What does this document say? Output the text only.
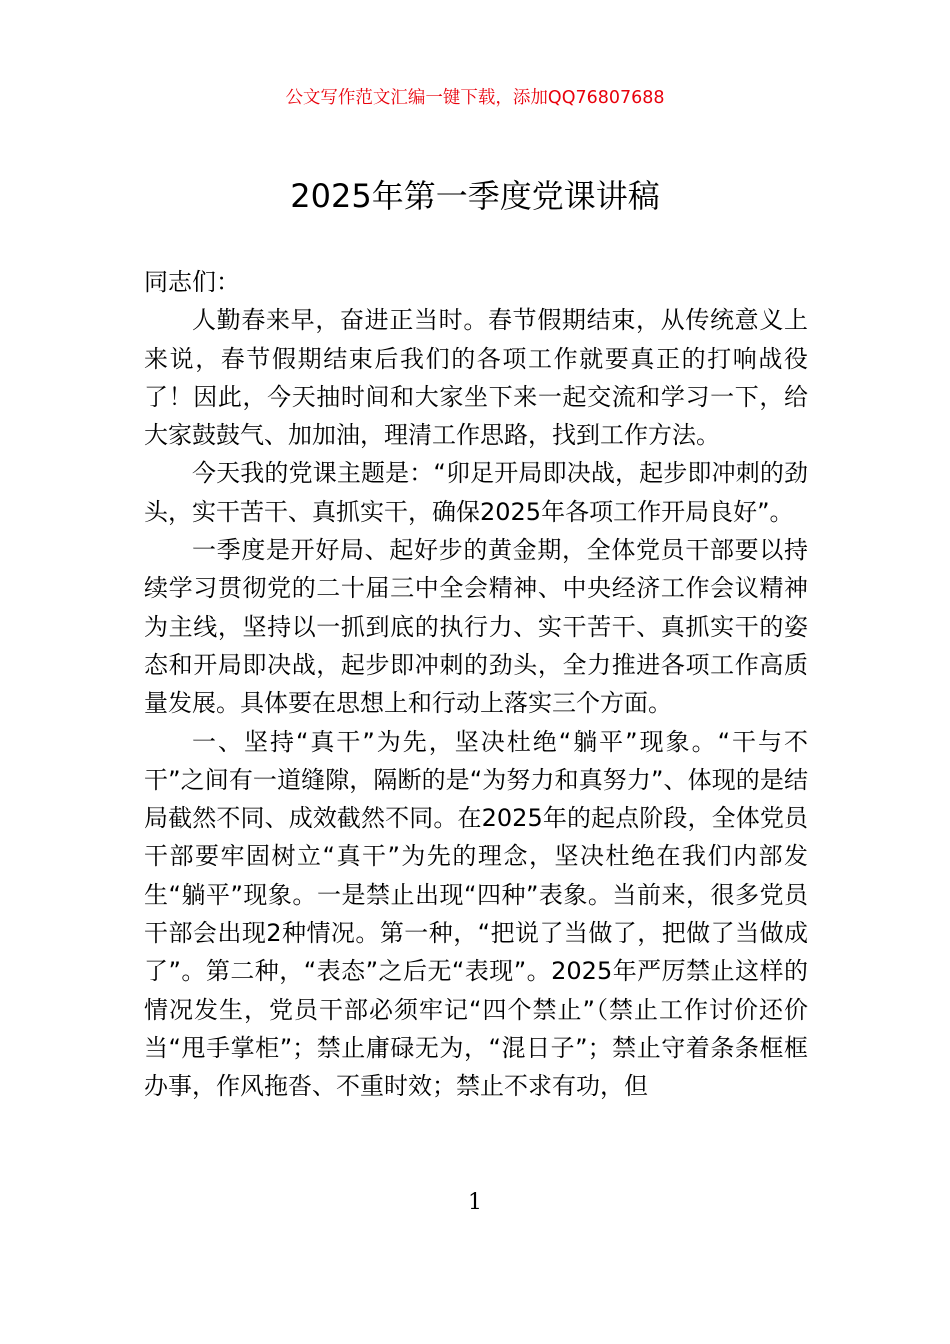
公文写作范文汇编一键下载，添加QQ76807688
2025年第一季度党课讲稿

同志们：

人勤春来早，奋进正当时。春节假期结束，从传统意义上来说，春节假期结束后我们的各项工作就要真正的打响战役了！因此，今天抽时间和大家坐下来一起交流和学习一下，给大家鼓鼓气、加加油，理清工作思路，找到工作方法。

今天我的党课主题是：“卯足开局即决战，起步即冲刺的劲头，实干苦干、真抓实干，确保2025年各项工作开局良好”。

一季度是开好局、起好步的黄金期，全体党员干部要以持续学习贯彻党的二十届三中全会精神、中央经济工作会议精神为主线，坚持以一抓到底的执行力、实干苦干、真抓实干的姿态和开局即决战，起步即冲刺的劲头，全力推进各项工作高质量发展。具体要在思想上和行动上落实三个方面。

一、坚持“真干”为先，坚决杜绝“躺平”现象。“干与不干”之间有一道缝隙，隔断的是“为努力和真努力”、体现的是结局截然不同、成效截然不同。在2025年的起点阶段，全体党员干部要牢固树立“真干”为先的理念，坚决杜绝在我们内部发生“躺平”现象。一是禁止出现“四种”表象。当前来，很多党员干部会出现2种情况。第一种，“把说了当做了，把做了当做成了”。第二种，“表态”之后无“表现”。2025年严厉禁止这样的情况发生，党员干部必须牢记“四个禁止”（禁止工作讨价还价当“甩手掌柜”；禁止庸碌无为，“混日子”；禁止守着条条框框办事，作风拖沓、不重时效；禁止不求有功，但

1
